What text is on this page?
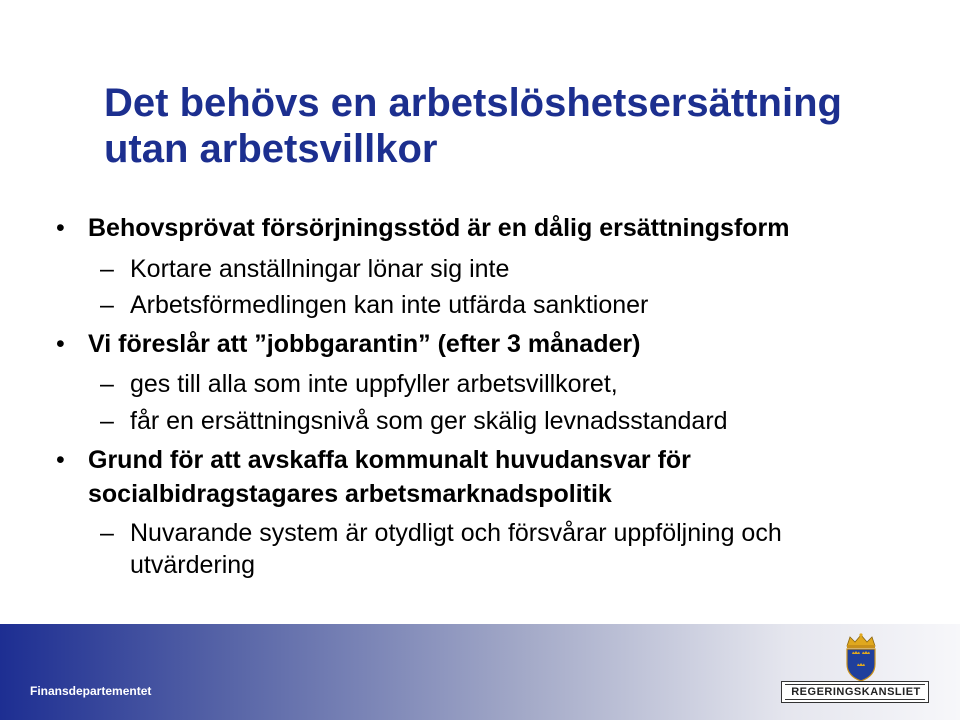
Det behövs en arbetslöshetsersättning
utan arbetsvillkor
• Behovsprövat försörjningsstöd är en dålig ersättningsform
– Kortare anställningar lönar sig inte
– Arbetsförmedlingen kan inte utfärda sanktioner
• Vi föreslår att ”jobbgarantin” (efter 3 månader)
– ges till alla som inte uppfyller arbetsvillkoret,
– får en ersättningsnivå som ger skälig levnadsstandard
• Grund för att avskaffa kommunalt huvudansvar för
socialbidragstagares arbetsmarknadspolitik
– Nuvarande system är otydligt och försvårar uppföljning och
utvärdering
Finansdepartementet	REGERINGSKANSLIET
